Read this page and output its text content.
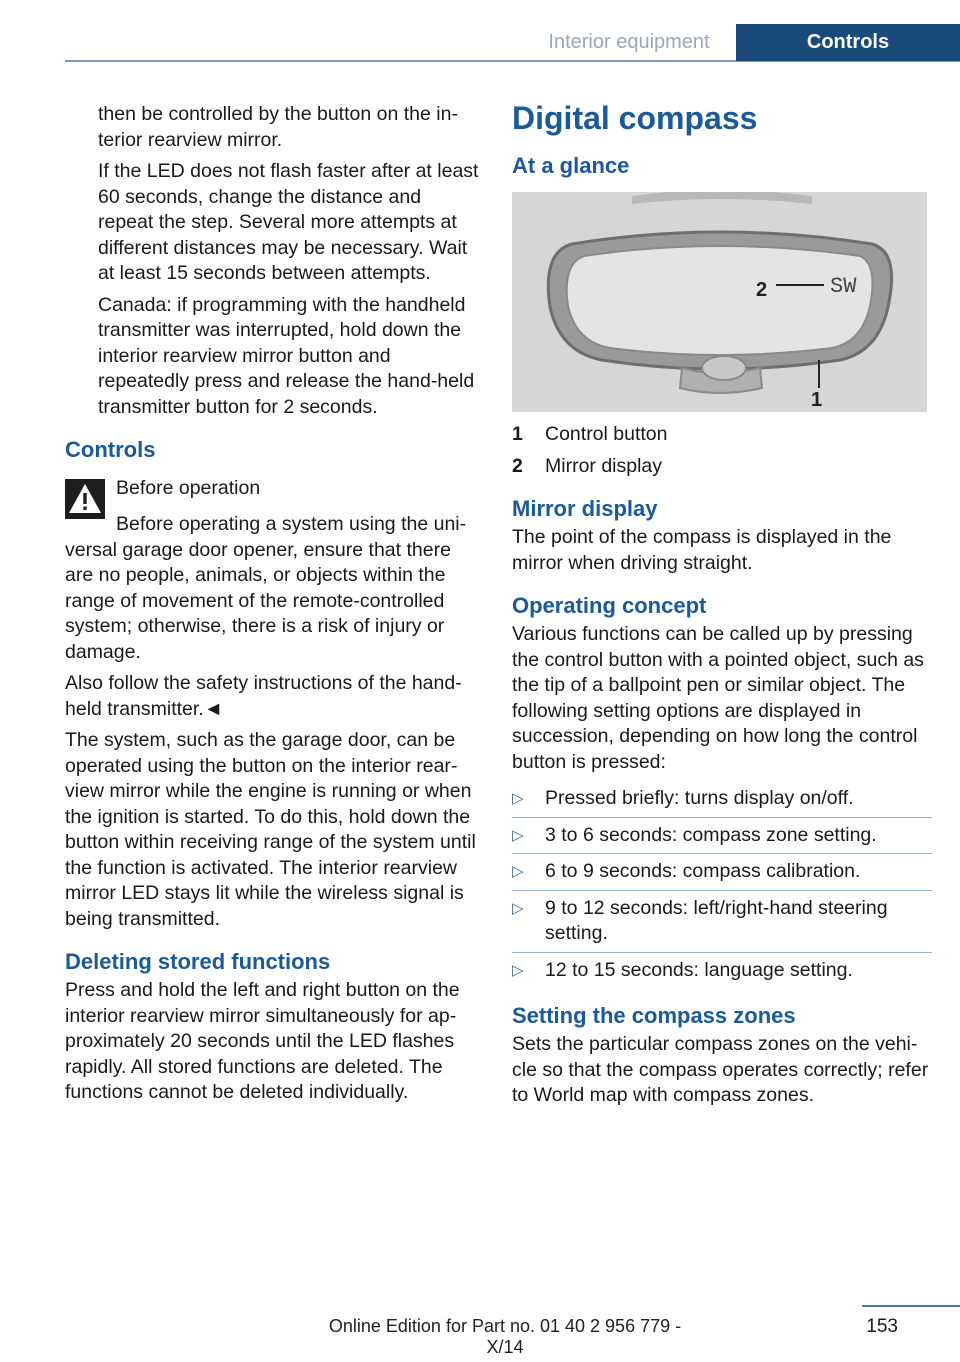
Interior equipment	Controls

then be controlled by the button on the interior rearview mirror.

If the LED does not flash faster after at least 60 seconds, change the distance and repeat the step. Several more attempts at different distances may be necessary. Wait at least 15 seconds between attempts.

Canada: if programming with the handheld transmitter was interrupted, hold down the interior rearview mirror button and repeatedly press and release the hand-held transmitter button for 2 seconds.

Controls

Before operation

Before operating a system using the universal garage door opener, ensure that there are no people, animals, or objects within the range of movement of the remote-controlled system; otherwise, there is a risk of injury or damage.

Also follow the safety instructions of the hand-held transmitter.◄

The system, such as the garage door, can be operated using the button on the interior rearview mirror while the engine is running or when the ignition is started. To do this, hold down the button within receiving range of the system until the function is activated. The interior rearview mirror LED stays lit while the wireless signal is being transmitted.

Deleting stored functions

Press and hold the left and right button on the interior rearview mirror simultaneously for approximately 20 seconds until the LED flashes rapidly. All stored functions are deleted. The functions cannot be deleted individually.

Digital compass
At a glance
2	SW
1
1	Control button
2	Mirror display
Mirror display

The point of the compass is displayed in the mirror when driving straight.

Operating concept

Various functions can be called up by pressing the control button with a pointed object, such as the tip of a ballpoint pen or similar object. The following setting options are displayed in succession, depending on how long the control button is pressed:

▷	Pressed briefly: turns display on/off.
▷	3 to 6 seconds: compass zone setting.
▷	6 to 9 seconds: compass calibration.
▷	9 to 12 seconds: left/right-hand steering setting.
▷	12 to 15 seconds: language setting.
Setting the compass zones

Sets the particular compass zones on the vehicle so that the compass operates correctly; refer to World map with compass zones.

Online Edition for Part no. 01 40 2 956 779 - X/14
153
